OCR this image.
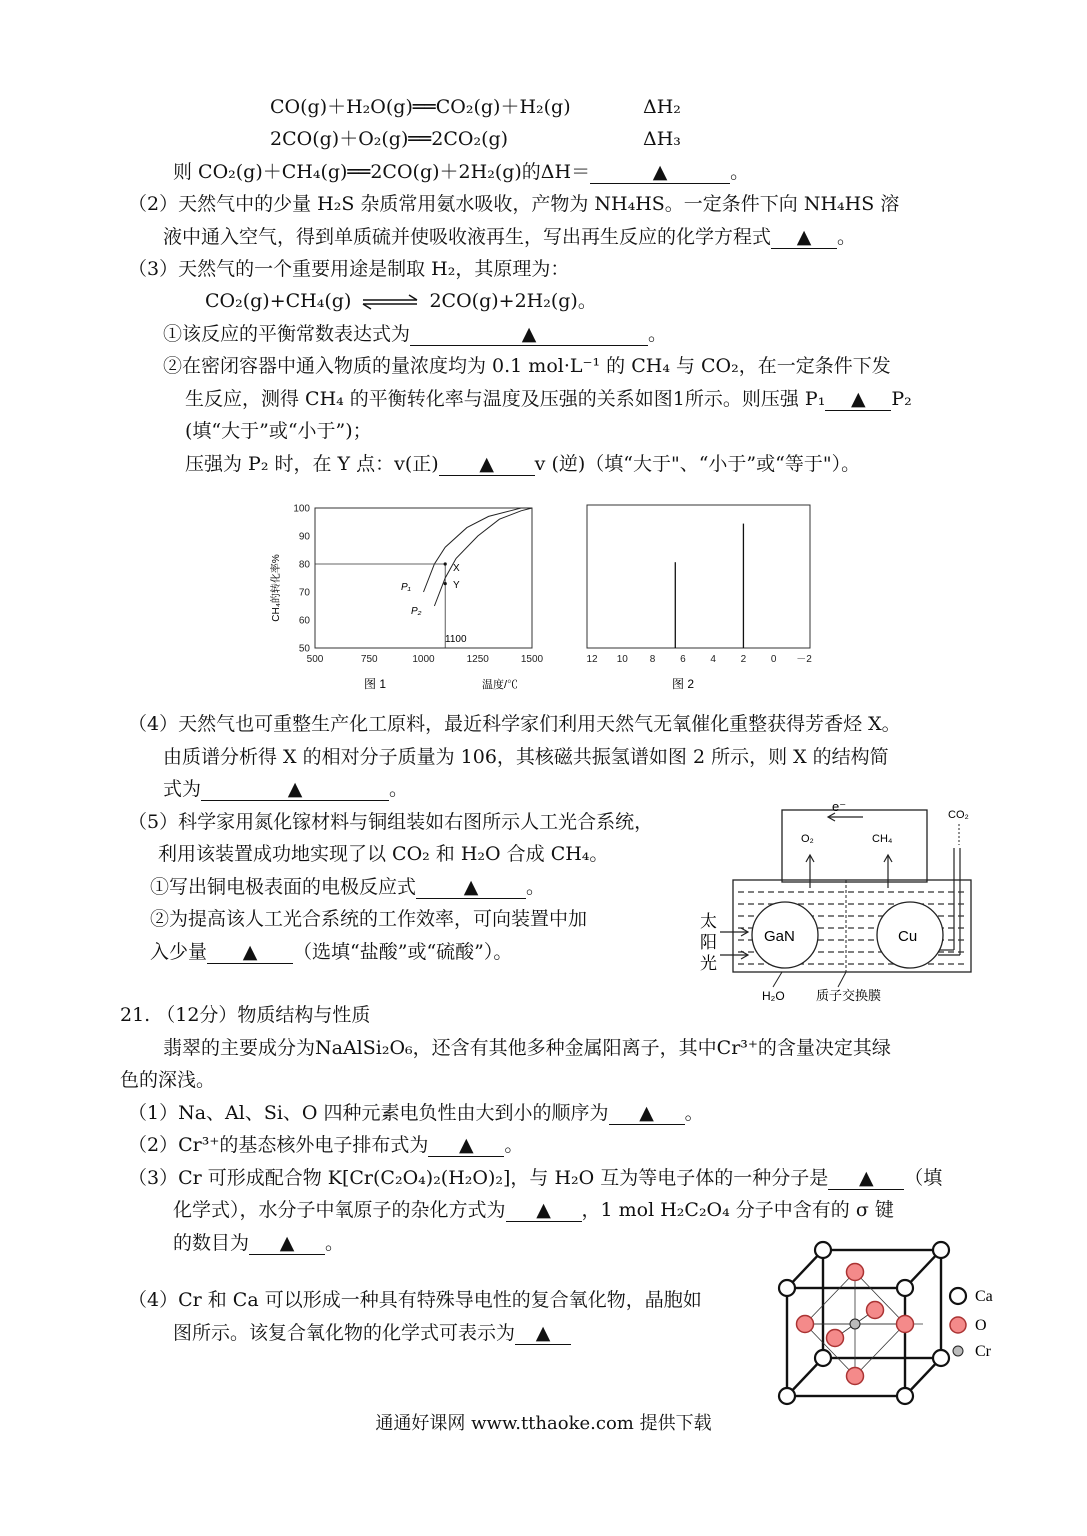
CO(g)＋H₂O(g)══CO₂(g)＋H₂(g)	ΔH₂
2CO(g)＋O₂(g)══2CO₂(g)	ΔH₃
则 CO₂(g)＋CH₄(g)══2CO(g)＋2H₂(g)的ΔH＝	▲	。
（2）天然气中的少量 H₂S 杂质常用氨水吸收，产物为 NH₄HS。一定条件下向 NH₄HS 溶
液中通入空气，得到单质硫并使吸收液再生，写出再生反应的化学方程式 ▲ 。
（3）天然气的一个重要用途是制取 H₂，其原理为：
CO₂(g)+CH₄(g) ⇌ 2CO(g)+2H₂(g)。
①该反应的平衡常数表达式为	▲	。
②在密闭容器中通入物质的量浓度均为 0.1 mol·L⁻¹ 的 CH₄ 与 CO₂，在一定条件下发
生反应，测得 CH₄ 的平衡转化率与温度及压强的关系如图1所示。则压强 P₁ ▲ P₂
(填“大于”或“小于”)；
压强为 P₂ 时，在 Y 点：v(正) ▲ v (逆)（填“大于"、“小于”或“等于"）。
500	750	1000	1250	1500
50
60
70
80
90
100
CH₄的转化率%
温度/℃
图 1
X
Y
P₁
P₂
1100
12 10 8 6 4 2 0 －2
图 2
（4）天然气也可重整生产化工原料，最近科学家们利用天然气无氧催化重整获得芳香烃 X。
由质谱分析得 X 的相对分子质量为 106，其核磁共振氢谱如图 2 所示，则 X 的结构简
式为	▲	。
（5）科学家用氮化镓材料与铜组装如右图所示人工光合系统，
利用该装置成功地实现了以 CO₂ 和 H₂O 合成 CH₄。
①写出铜电极表面的电极反应式	▲	。
②为提高该人工光合系统的工作效率，可向装置中加
入少量 ▲ （选填“盐酸”或“硫酸”）。
e⁻
O₂	CH₄
CO₂
GaN	Cu
太
阳
光
H₂O 质子交换膜
21. （12分）物质结构与性质
翡翠的主要成分为NaAlSi₂O₆，还含有其他多种金属阳离子，其中Cr³⁺的含量决定其绿
色的深浅。
（1）Na、Al、Si、O 四种元素电负性由大到小的顺序为 ▲ 。
（2）Cr³⁺的基态核外电子排布式为 ▲ 。
（3）Cr 可形成配合物 K[Cr(C₂O₄)₂(H₂O)₂]，与 H₂O 互为等电子体的一种分子是 ▲ （填
化学式），水分子中氧原子的杂化方式为 ▲ ，1 mol H₂C₂O₄ 分子中含有的 σ 键
的数目为 ▲ 。
（4）Cr 和 Ca 可以形成一种具有特殊导电性的复合氧化物，晶胞如
图所示。该复合氧化物的化学式可表示为 ▲
Ca
O
Cr
通通好课网 www.tthaoke.com 提供下载
